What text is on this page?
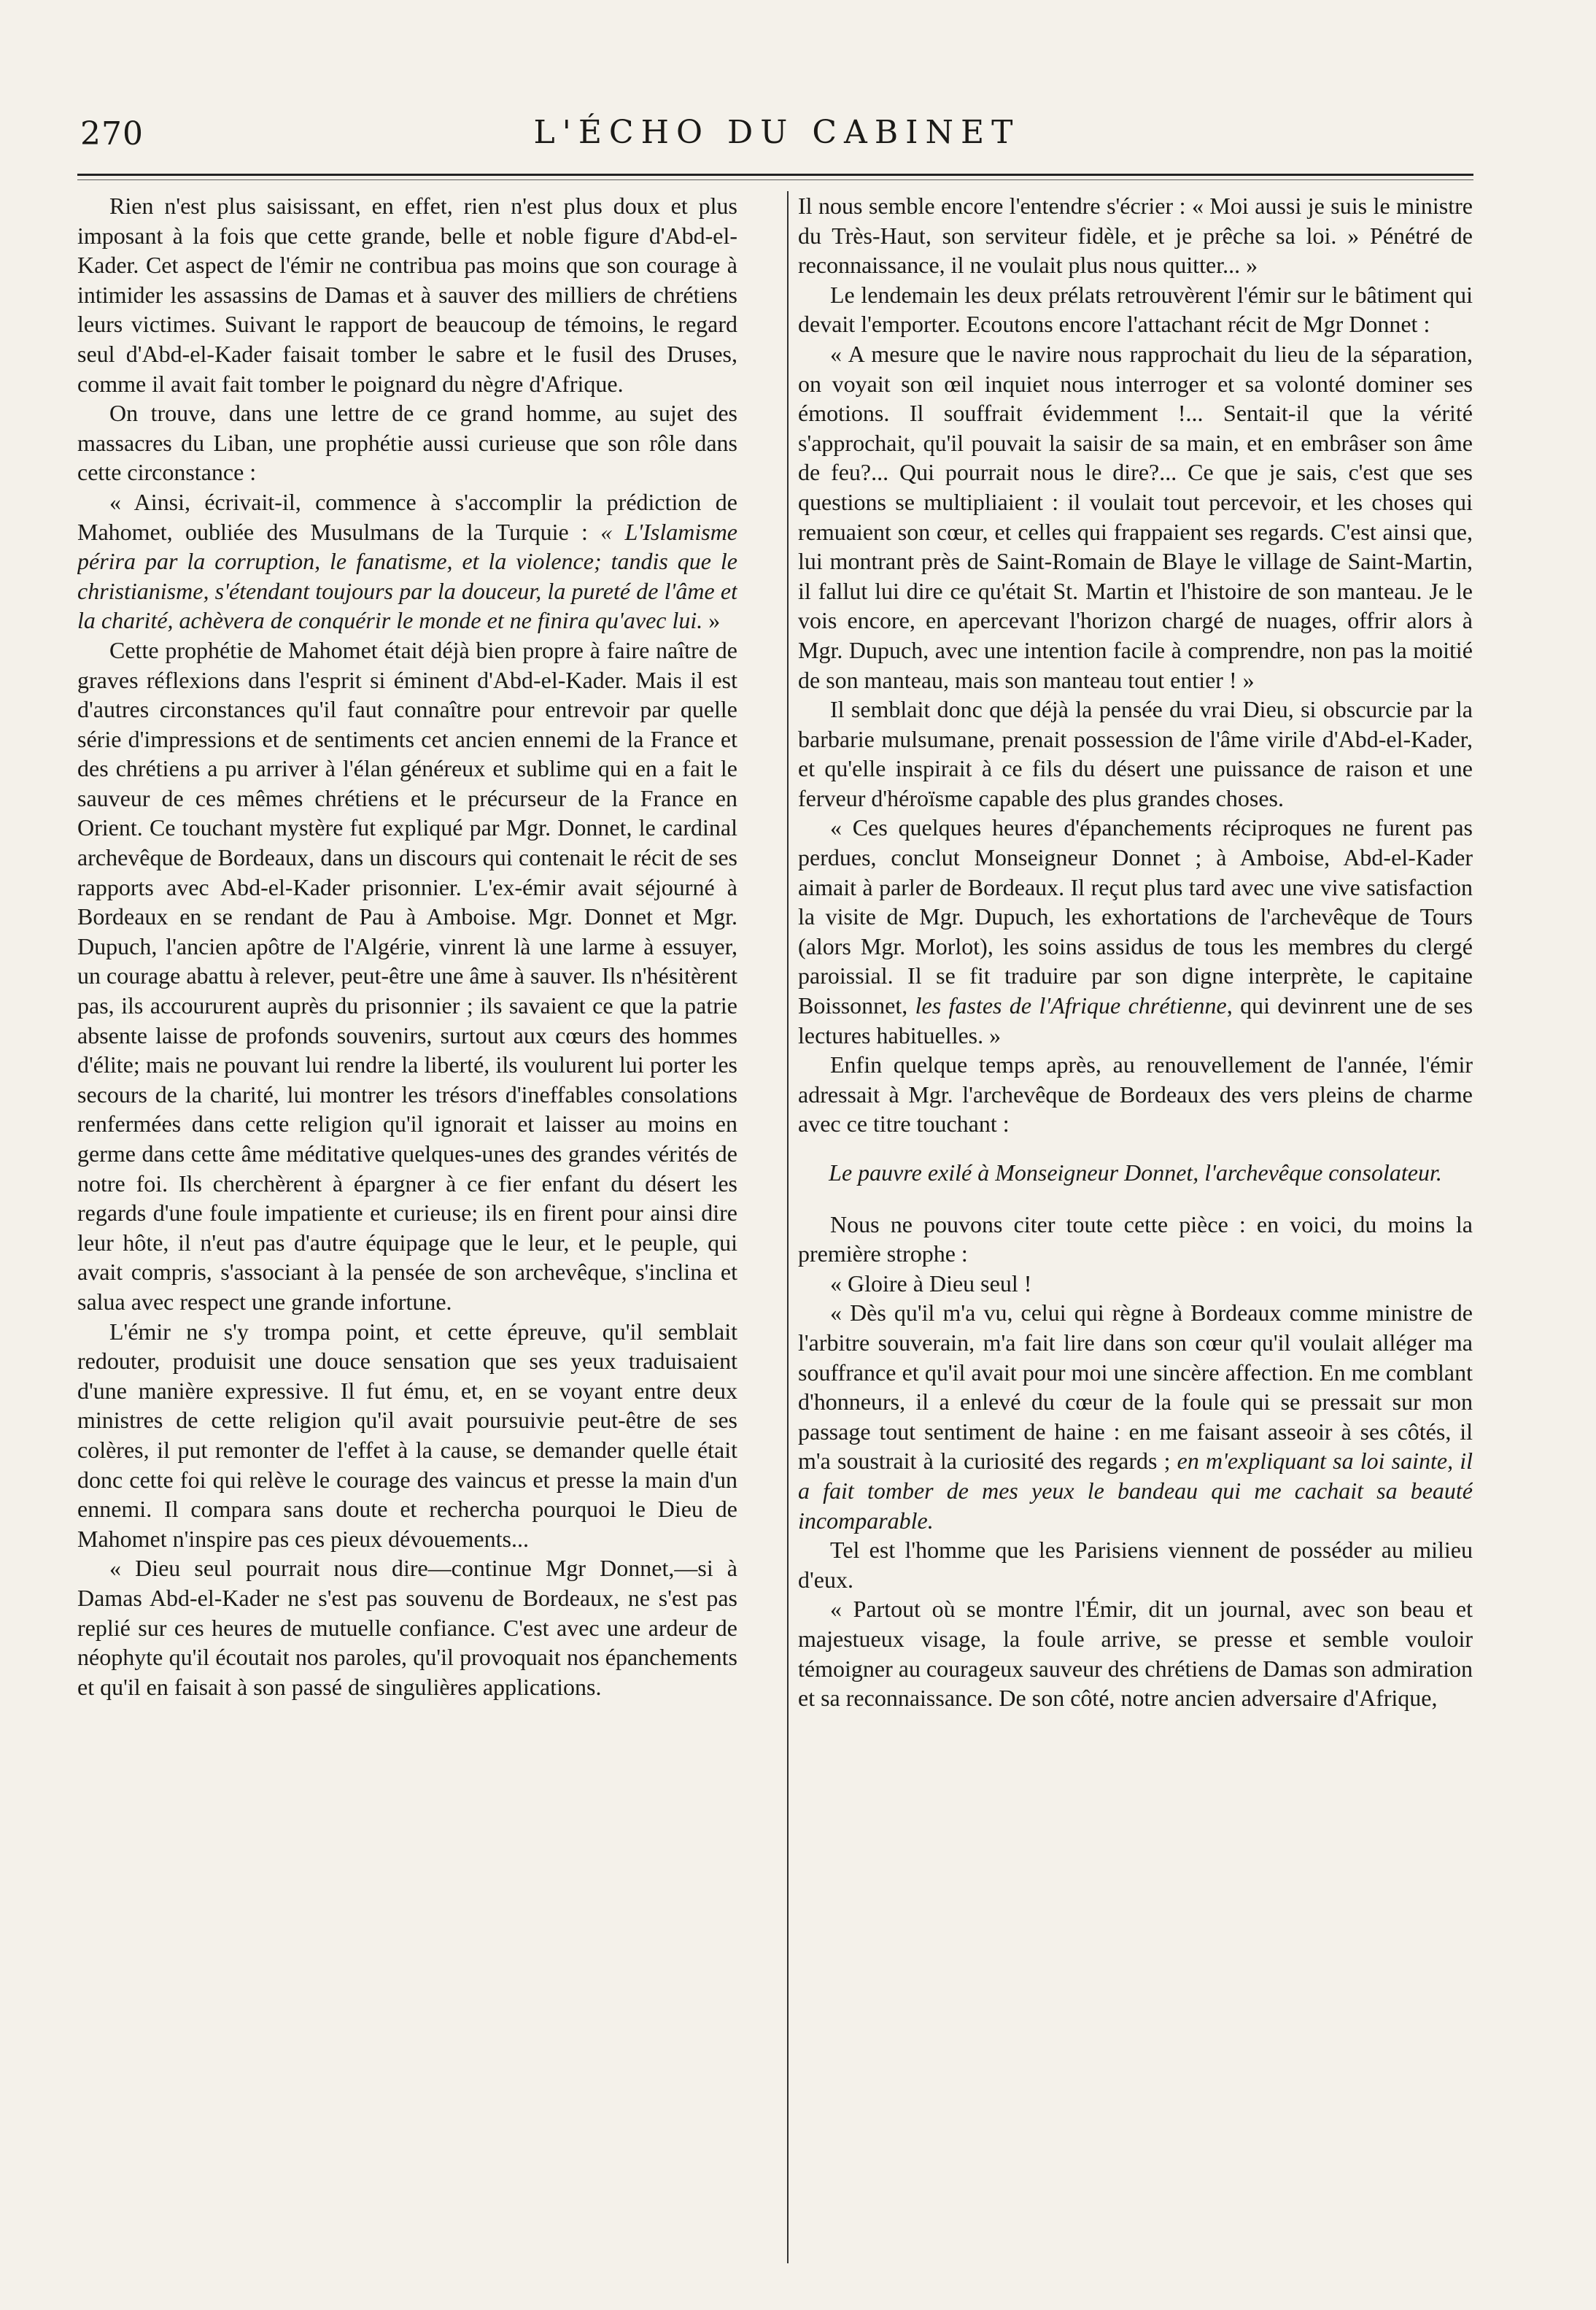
270	L'ÉCHO DU CABINET

Rien n'est plus saisissant, en effet, rien n'est plus doux et plus imposant à la fois que cette grande, belle et noble figure d'Abd-el-Kader. Cet aspect de l'émir ne contribua pas moins que son courage à intimider les assassins de Damas et à sauver des milliers de chrétiens leurs victimes. Suivant le rapport de beaucoup de témoins, le regard seul d'Abd-el-Kader faisait tomber le sabre et le fusil des Druses, comme il avait fait tomber le poignard du nègre d'Afrique.

On trouve, dans une lettre de ce grand homme, au sujet des massacres du Liban, une prophétie aussi curieuse que son rôle dans cette circonstance :

« Ainsi, écrivait-il, commence à s'accomplir la prédiction de Mahomet, oubliée des Musulmans de la Turquie : « L'Islamisme périra par la corruption, le fanatisme, et la violence; tandis que le christianisme, s'étendant toujours par la douceur, la pureté de l'âme et la charité, achèvera de conquérir le monde et ne finira qu'avec lui. »

Cette prophétie de Mahomet était déjà bien propre à faire naître de graves réflexions dans l'esprit si éminent d'Abd-el-Kader. Mais il est d'autres circonstances qu'il faut connaître pour entrevoir par quelle série d'impressions et de sentiments cet ancien ennemi de la France et des chrétiens a pu arriver à l'élan généreux et sublime qui en a fait le sauveur de ces mêmes chrétiens et le précurseur de la France en Orient. Ce touchant mystère fut expliqué par Mgr. Donnet, le cardinal archevêque de Bordeaux, dans un discours qui contenait le récit de ses rapports avec Abd-el-Kader prisonnier. L'ex-émir avait séjourné à Bordeaux en se rendant de Pau à Amboise. Mgr. Donnet et Mgr. Dupuch, l'ancien apôtre de l'Algérie, vinrent là une larme à essuyer, un courage abattu à relever, peut-être une âme à sauver. Ils n'hésitèrent pas, ils accoururent auprès du prisonnier ; ils savaient ce que la patrie absente laisse de profonds souvenirs, surtout aux cœurs des hommes d'élite; mais ne pouvant lui rendre la liberté, ils voulurent lui porter les secours de la charité, lui montrer les trésors d'ineffables consolations renfermées dans cette religion qu'il ignorait et laisser au moins en germe dans cette âme méditative quelques-unes des grandes vérités de notre foi. Ils cherchèrent à épargner à ce fier enfant du désert les regards d'une foule impatiente et curieuse; ils en firent pour ainsi dire leur hôte, il n'eut pas d'autre équipage que le leur, et le peuple, qui avait compris, s'associant à la pensée de son archevêque, s'inclina et salua avec respect une grande infortune.

L'émir ne s'y trompa point, et cette épreuve, qu'il semblait redouter, produisit une douce sensation que ses yeux traduisaient d'une manière expressive. Il fut ému, et, en se voyant entre deux ministres de cette religion qu'il avait poursuivie peut-être de ses colères, il put remonter de l'effet à la cause, se demander quelle était donc cette foi qui relève le courage des vaincus et presse la main d'un ennemi. Il compara sans doute et rechercha pourquoi le Dieu de Mahomet n'inspire pas ces pieux dévouements...

« Dieu seul pourrait nous dire—continue Mgr Donnet,—si à Damas Abd-el-Kader ne s'est pas souvenu de Bordeaux, ne s'est pas replié sur ces heures de mutuelle confiance. C'est avec une ardeur de néophyte qu'il écoutait nos paroles, qu'il provoquait nos épanchements et qu'il en faisait à son passé de singulières applications.

Il nous semble encore l'entendre s'écrier : « Moi aussi je suis le ministre du Très-Haut, son serviteur fidèle, et je prêche sa loi. » Pénétré de reconnaissance, il ne voulait plus nous quitter... »

Le lendemain les deux prélats retrouvèrent l'émir sur le bâtiment qui devait l'emporter. Ecoutons encore l'attachant récit de Mgr Donnet :

« A mesure que le navire nous rapprochait du lieu de la séparation, on voyait son œil inquiet nous interroger et sa volonté dominer ses émotions. Il souffrait évidemment !... Sentait-il que la vérité s'approchait, qu'il pouvait la saisir de sa main, et en embrâser son âme de feu?... Qui pourrait nous le dire?... Ce que je sais, c'est que ses questions se multipliaient : il voulait tout percevoir, et les choses qui remuaient son cœur, et celles qui frappaient ses regards. C'est ainsi que, lui montrant près de Saint-Romain de Blaye le village de Saint-Martin, il fallut lui dire ce qu'était St. Martin et l'histoire de son manteau. Je le vois encore, en apercevant l'horizon chargé de nuages, offrir alors à Mgr. Dupuch, avec une intention facile à comprendre, non pas la moitié de son manteau, mais son manteau tout entier ! »

Il semblait donc que déjà la pensée du vrai Dieu, si obscurcie par la barbarie mulsumane, prenait possession de l'âme virile d'Abd-el-Kader, et qu'elle inspirait à ce fils du désert une puissance de raison et une ferveur d'héroïsme capable des plus grandes choses.

« Ces quelques heures d'épanchements réciproques ne furent pas perdues, conclut Monseigneur Donnet ; à Amboise, Abd-el-Kader aimait à parler de Bordeaux. Il reçut plus tard avec une vive satisfaction la visite de Mgr. Dupuch, les exhortations de l'archevêque de Tours (alors Mgr. Morlot), les soins assidus de tous les membres du clergé paroissial. Il se fit traduire par son digne interprète, le capitaine Boissonnet, les fastes de l'Afrique chrétienne, qui devinrent une de ses lectures habituelles. »

Enfin quelque temps après, au renouvellement de l'année, l'émir adressait à Mgr. l'archevêque de Bordeaux des vers pleins de charme avec ce titre touchant :

Le pauvre exilé à Monseigneur Donnet, l'archevêque consolateur.

Nous ne pouvons citer toute cette pièce : en voici, du moins la première strophe :

« Gloire à Dieu seul !

« Dès qu'il m'a vu, celui qui règne à Bordeaux comme ministre de l'arbitre souverain, m'a fait lire dans son cœur qu'il voulait alléger ma souffrance et qu'il avait pour moi une sincère affection. En me comblant d'honneurs, il a enlevé du cœur de la foule qui se pressait sur mon passage tout sentiment de haine : en me faisant asseoir à ses côtés, il m'a soustrait à la curiosité des regards ; en m'expliquant sa loi sainte, il a fait tomber de mes yeux le bandeau qui me cachait sa beauté incomparable.

Tel est l'homme que les Parisiens viennent de posséder au milieu d'eux.

« Partout où se montre l'Émir, dit un journal, avec son beau et majestueux visage, la foule arrive, se presse et semble vouloir témoigner au courageux sauveur des chrétiens de Damas son admiration et sa reconnaissance. De son côté, notre ancien adversaire d'Afrique,
